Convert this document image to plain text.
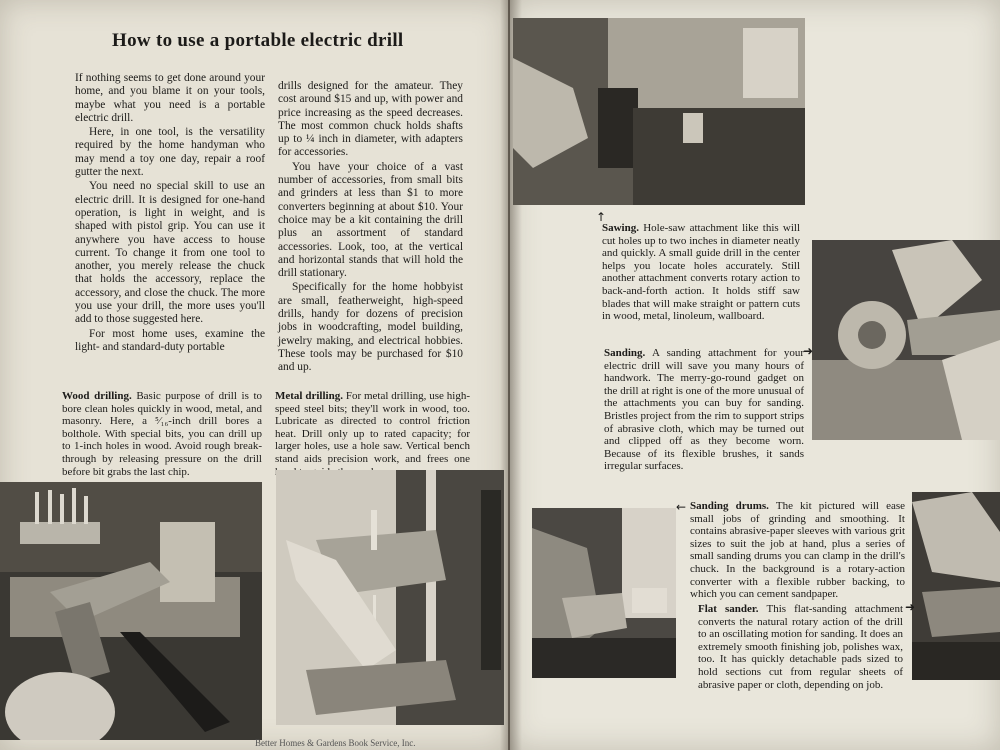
How to use a portable electric drill

If nothing seems to get done around your home, and you blame it on your tools, maybe what you need is a portable electric drill.

Here, in one tool, is the versatility required by the home handyman who may mend a toy one day, repair a roof gutter the next.

You need no special skill to use an electric drill. It is designed for one-hand operation, is light in weight, and is shaped with pistol grip. You can use it anywhere you have access to house current. To change it from one tool to another, you merely release the chuck that holds the accessory, replace the accessory, and close the chuck. The more you use your drill, the more uses you'll add to those suggested here.

For most home uses, examine the light- and standard-duty portable

drills designed for the amateur. They cost around $15 and up, with power and price increasing as the speed decreases. The most common chuck holds shafts up to ¼ inch in diameter, with adapters for accessories.

You have your choice of a vast number of accessories, from small bits and grinders at less than $1 to more converters beginning at about $10. Your choice may be a kit containing the drill plus an assortment of standard accessories. Look, too, at the vertical and horizontal stands that will hold the drill stationary.

Specifically for the home hobbyist are small, featherweight, high-speed drills, handy for dozens of precision jobs in woodcrafting, model building, jewelry making, and electrical hobbies. These tools may be purchased for $10 and up.

Wood drilling. Basic purpose of drill is to bore clean holes quickly in wood, metal, and masonry. Here, a ⁵⁄₁₆-inch drill bores a bolthole. With special bits, you can drill up to 1-inch holes in wood. Avoid rough break-through by releasing pressure on the drill before bit grabs the last chip.
Metal drilling. For metal drilling, use high-speed steel bits; they'll work in wood, too. Lubricate as directed to control friction heat. Drill only up to rated capacity; for larger holes, use a hole saw. Vertical bench stand aids precision work, and frees one
↑
Sawing. Hole-saw attachment like this will cut holes up to two inches in diameter neatly and quickly. A small guide drill in the center helps you locate holes accurately. Still another attachment converts rotary action to back-and-forth action. It holds stiff saw blades that will make straight or pattern cuts in wood, metal, linoleum, wallboard.
Sanding. A sanding attachment for your electric drill will save you many hours of handwork. The merry-go-round gadget on the drill at right is one of the more unusual of the attachments you can buy for sanding. Bristles project from the rim to support strips of abrasive cloth, which may be turned out and clipped off as they become worn. Because of its flexible brushes, it sands irregular surfaces.
➜
← Sanding drums. The kit pictured will ease small jobs of grinding and smoothing. It contains abrasive-paper sleeves with various grit sizes to suit the job at hand, plus a series of small sanding drums you can clamp in the drill's chuck. In the background is a rotary-action converter with a flexible rubber backing, to which you can cement sandpaper.
Flat sander. This flat-sanding attachment converts the natural rotary action of the drill to an oscillating motion for sanding. It does an extremely smooth finishing job, polishes wax, too. It has quickly detachable pads sized to hold sections cut from regular sheets of abrasive paper or cloth, depending on job.
➜
Better Homes & Gardens Book Service, Inc.
